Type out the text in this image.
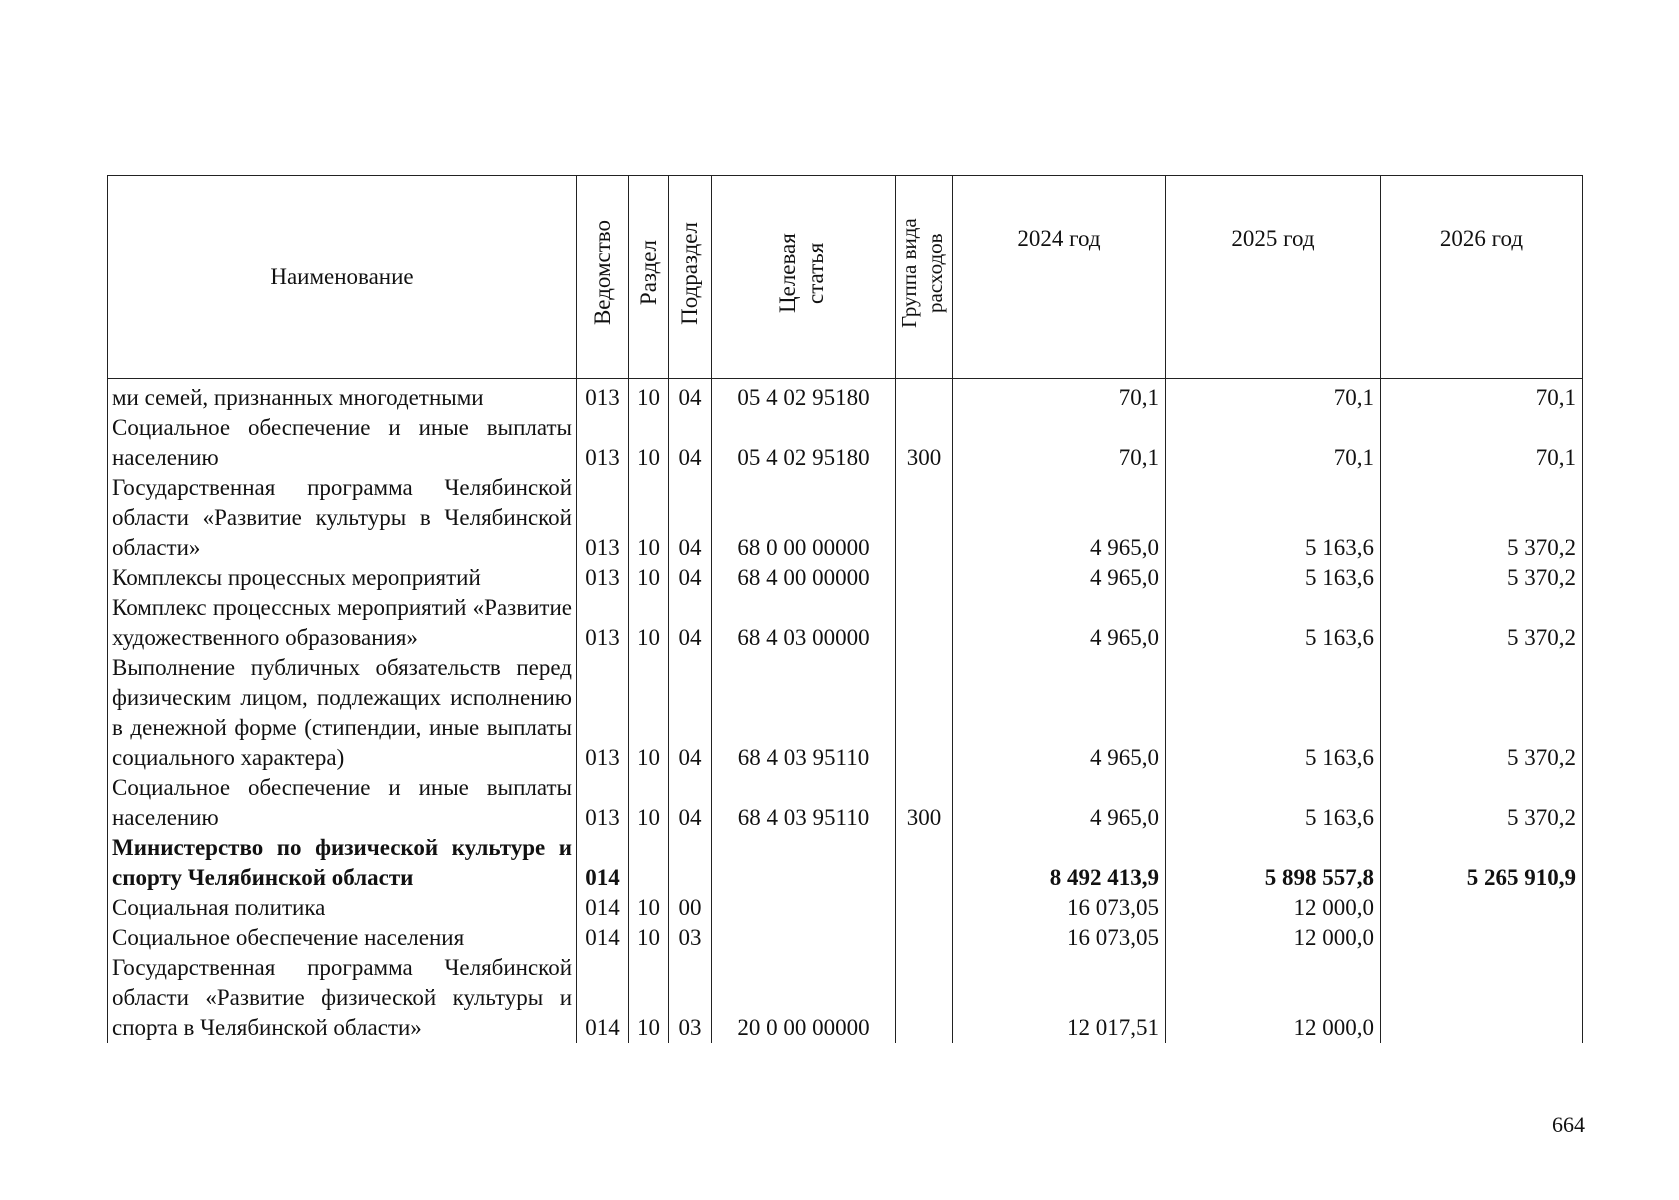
Наименование	Ведомство	Раздел	Подраздел	Целевая статья	Группа вида расходов	2024 год	2025 год	2026 год
ми семей, признанных многодетными	013	10	04	05 4 02 95180		70,1	70,1	70,1
Социальное обеспечение и иные выплаты населению	013	10	04	05 4 02 95180	300	70,1	70,1	70,1
Государственная программа Челябинской области «Развитие культуры в Челябинской области»	013	10	04	68 0 00 00000		4 965,0	5 163,6	5 370,2
Комплексы процессных мероприятий	013	10	04	68 4 00 00000		4 965,0	5 163,6	5 370,2
Комплекс процессных мероприятий «Развитие художественного образования»	013	10	04	68 4 03 00000		4 965,0	5 163,6	5 370,2
Выполнение публичных обязательств перед физическим лицом, подлежащих исполнению в денежной форме (стипендии, иные выплаты социального характера)	013	10	04	68 4 03 95110		4 965,0	5 163,6	5 370,2
Социальное обеспечение и иные выплаты населению	013	10	04	68 4 03 95110	300	4 965,0	5 163,6	5 370,2
Министерство по физической культуре и спорту Челябинской области	014					8 492 413,9	5 898 557,8	5 265 910,9
Социальная политика	014	10	00			16 073,05	12 000,0	
Социальное обеспечение населения	014	10	03			16 073,05	12 000,0	
Государственная программа Челябинской области «Развитие физической культуры и спорта в Челябинской области»	014	10	03	20 0 00 00000		12 017,51	12 000,0	
664
